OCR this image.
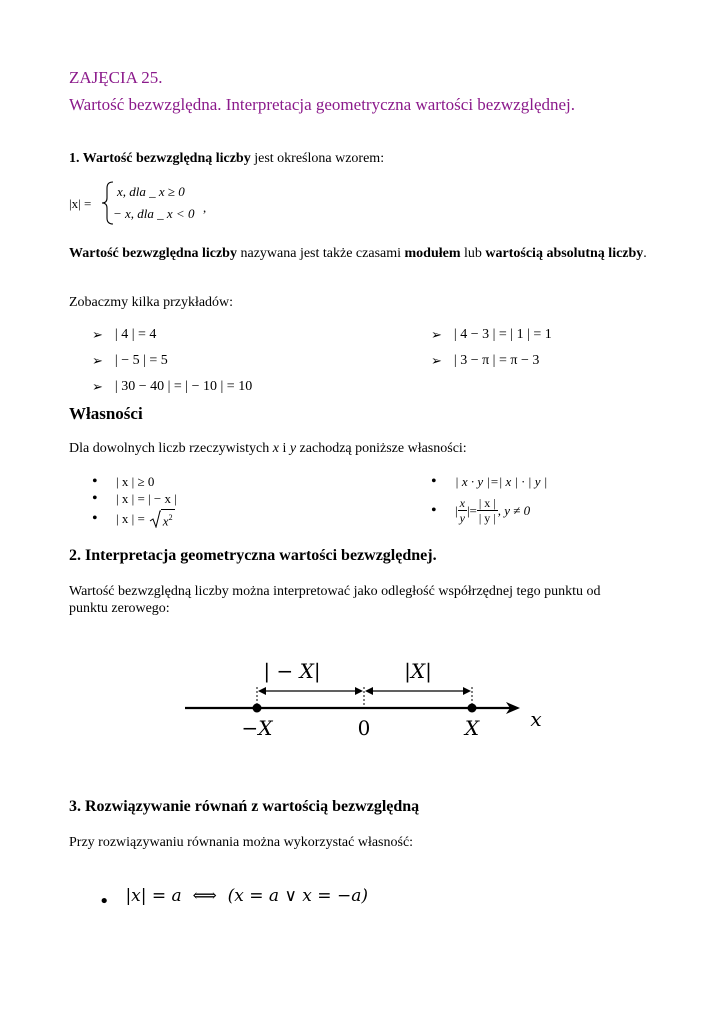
ZAJĘCIA 25.
Wartość bezwzględna. Interpretacja geometryczna wartości bezwzględnej.
1. Wartość bezwzględną liczby jest określona wzorem:
|x| =
x, dla _ x ≥ 0
− x, dla _ x < 0 ,
Wartość bezwzględna liczby nazywana jest także czasami modułem lub wartością absolutną liczby.
Zobaczmy kilka przykładów:
➢ | 4 | = 4
➢ | − 5 | = 5
➢ | 30 − 40 | = | − 10 | = 10
➢ | 4 − 3 | = | 1 | = 1
➢ | 3 − π | = π − 3
Własności
Dla dowolnych liczb rzeczywistych x i y zachodzą poniższe własności:
•	| x | ≥ 0
•	| x | = | − x |
•	| x | = $x^2$
•	| x · y |=| x | · | y |
•	| $\frac{x}{y}$ |= $\frac{| x |}{| y |}$ , y ≠ 0
2. Interpretacja geometryczna wartości bezwzględnej.
Wartość bezwzględną liczby można interpretować jako odległość współrzędnej tego punktu od
punktu zerowego:
| − X|	|X|
−X	0	X	x
3. Rozwiązywanie równań z wartością bezwzględną
Przy rozwiązywaniu równania można wykorzystać własność:

• |x| = a  ⟺  (x = a ∨ x = −a)
